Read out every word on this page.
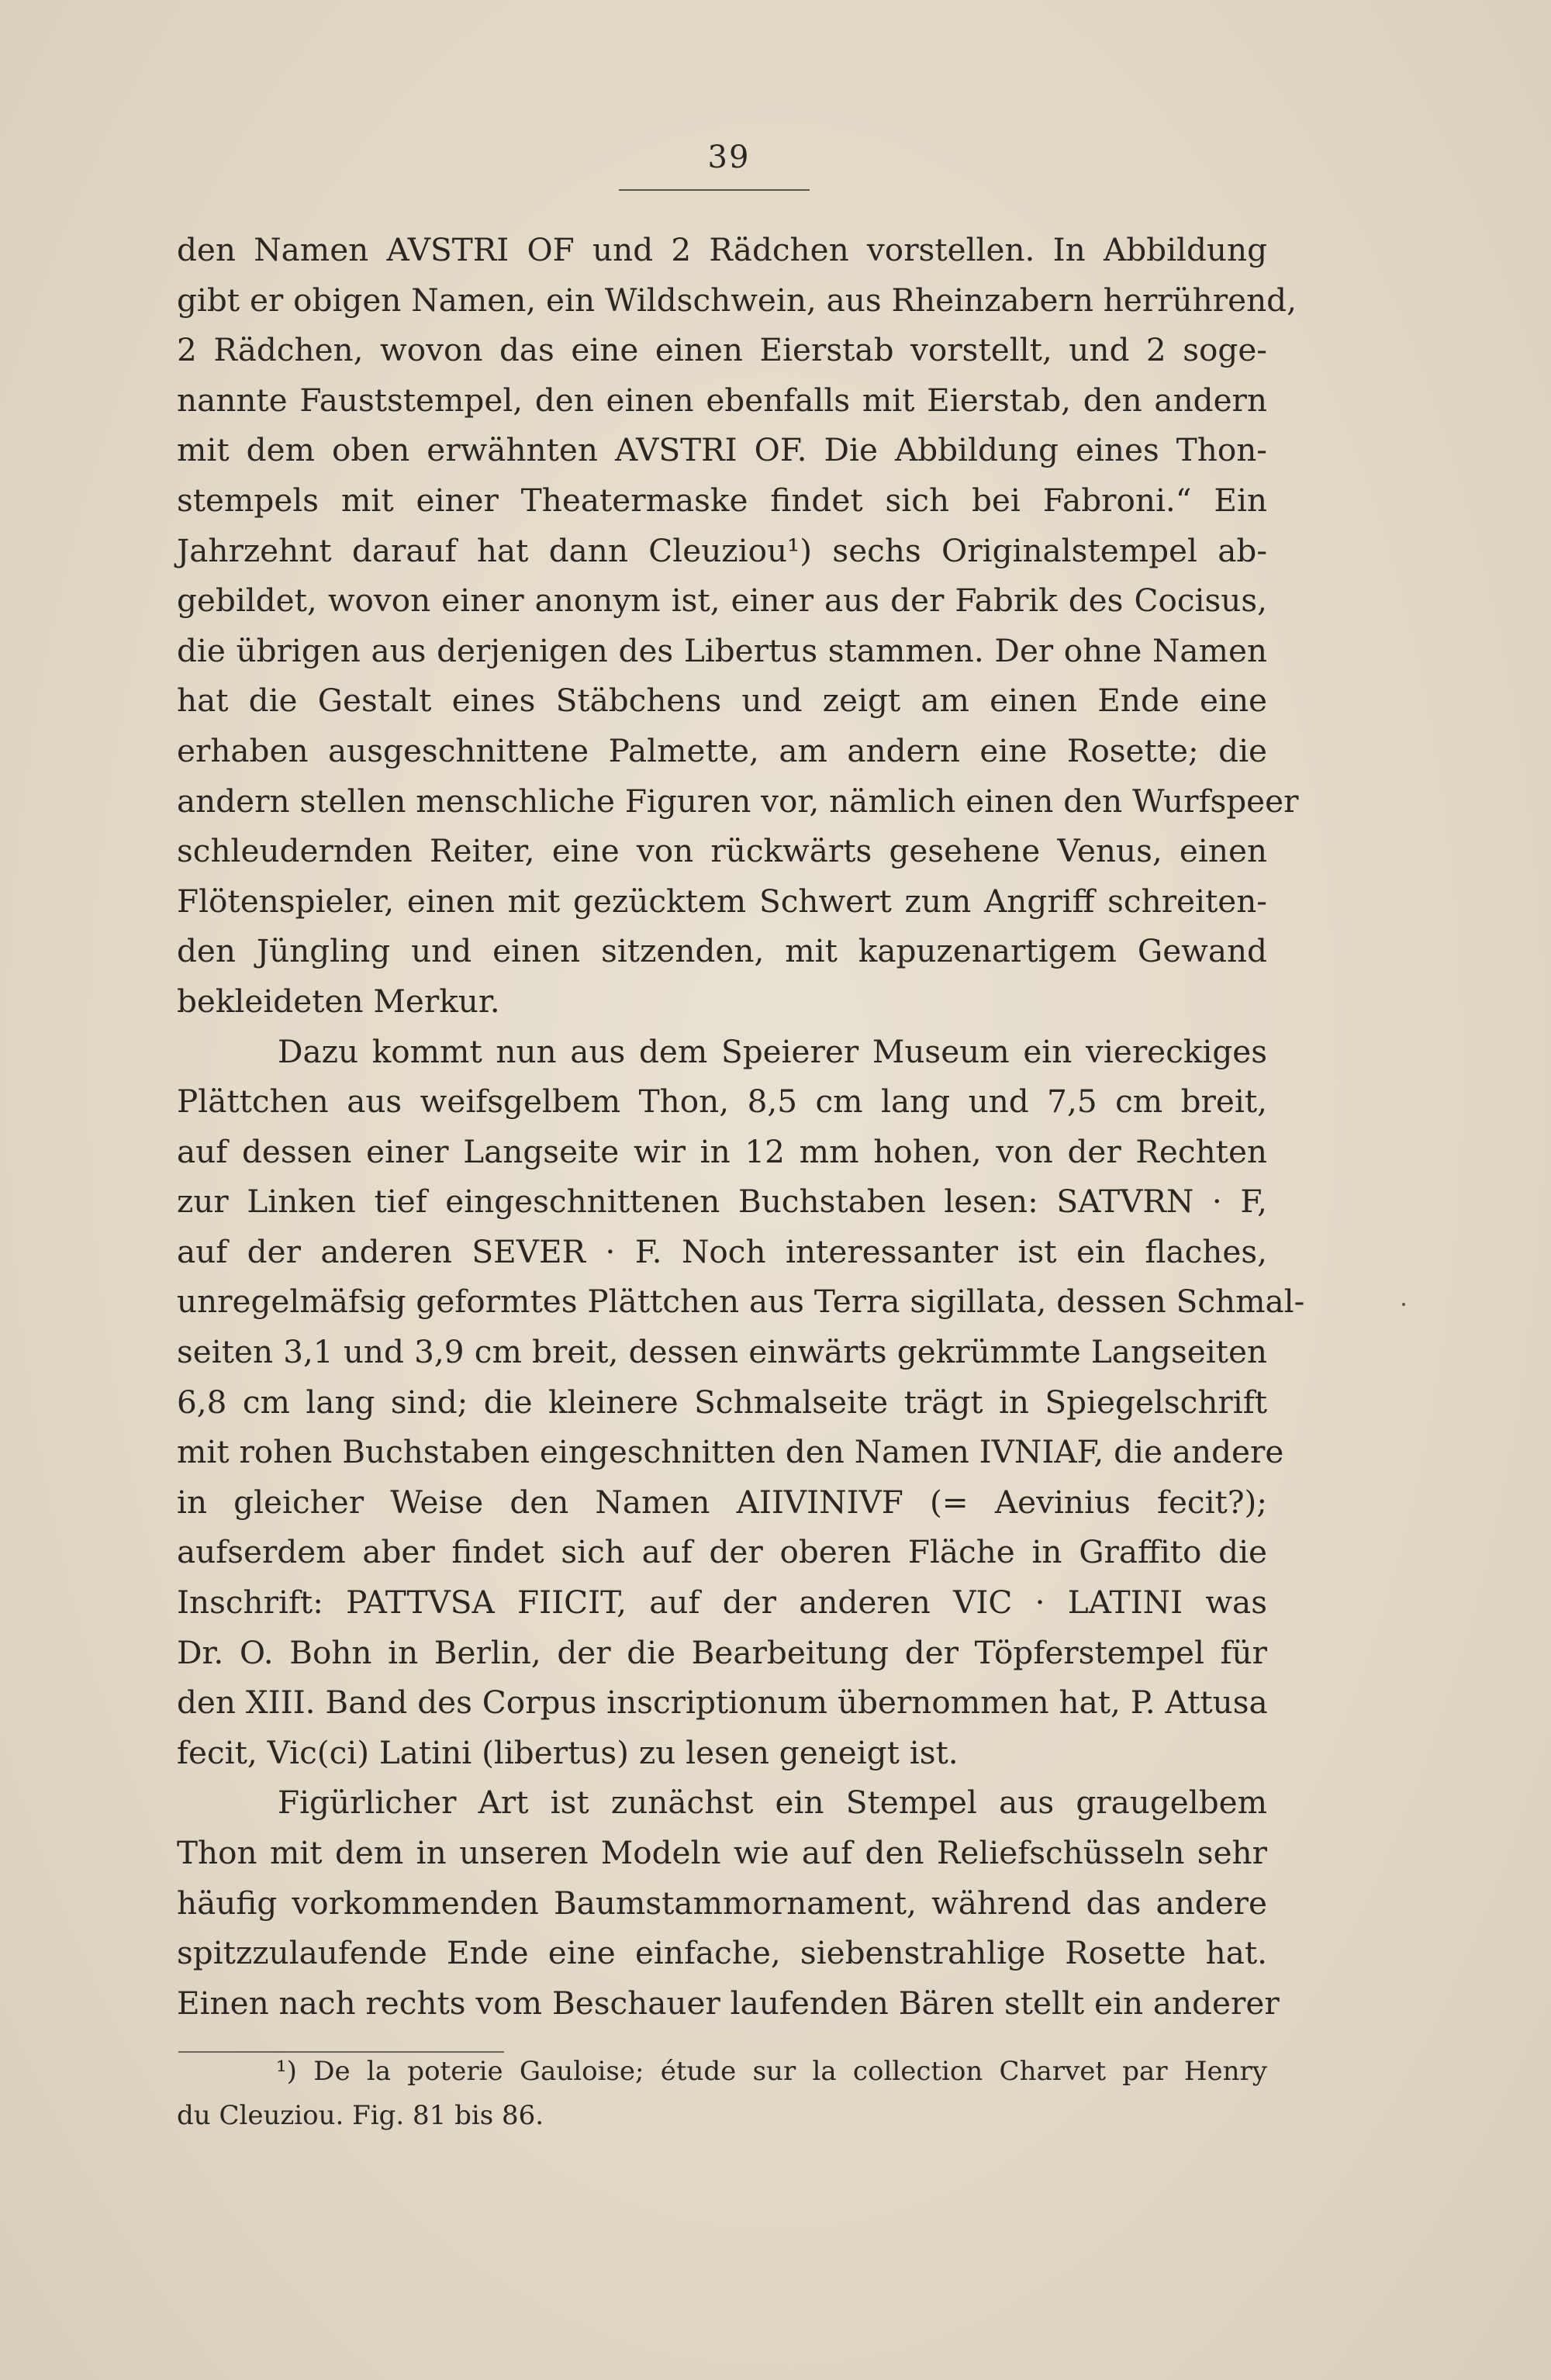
39
den Namen AVSTRI OF und 2 Rädchen vorstellen. In Abbildung
gibt er obigen Namen, ein Wildschwein, aus Rheinzabern herrührend,
2 Rädchen, wovon das eine einen Eierstab vorstellt, und 2 soge-
nannte Fauststempel, den einen ebenfalls mit Eierstab, den andern
mit dem oben erwähnten AVSTRI OF. Die Abbildung eines Thon-
stempels mit einer Theatermaske findet sich bei Fabroni.“ Ein
Jahrzehnt darauf hat dann Cleuziou¹) sechs Originalstempel ab-
gebildet, wovon einer anonym ist, einer aus der Fabrik des Cocisus,
die übrigen aus derjenigen des Libertus stammen. Der ohne Namen
hat die Gestalt eines Stäbchens und zeigt am einen Ende eine
erhaben ausgeschnittene Palmette, am andern eine Rosette; die
andern stellen menschliche Figuren vor, nämlich einen den Wurfspeer
schleudernden Reiter, eine von rückwärts gesehene Venus, einen
Flötenspieler, einen mit gezücktem Schwert zum Angriff schreiten-
den Jüngling und einen sitzenden, mit kapuzenartigem Gewand
bekleideten Merkur.
Dazu kommt nun aus dem Speierer Museum ein viereckiges
Plättchen aus weifsgelbem Thon, 8,5 cm lang und 7,5 cm breit,
auf dessen einer Langseite wir in 12 mm hohen, von der Rechten
zur Linken tief eingeschnittenen Buchstaben lesen: SATVRN · F,
auf der anderen SEVER · F. Noch interessanter ist ein flaches,
unregelmäfsig geformtes Plättchen aus Terra sigillata, dessen Schmal-
seiten 3,1 und 3,9 cm breit, dessen einwärts gekrümmte Langseiten
6,8 cm lang sind; die kleinere Schmalseite trägt in Spiegelschrift
mit rohen Buchstaben eingeschnitten den Namen IVNIAF, die andere
in gleicher Weise den Namen AIIVINIVF (= Aevinius fecit?);
aufserdem aber findet sich auf der oberen Fläche in Graffito die
Inschrift: PATTVSA FIICIT, auf der anderen VIC · LATINI was
Dr. O. Bohn in Berlin, der die Bearbeitung der Töpferstempel für
den XIII. Band des Corpus inscriptionum übernommen hat, P. Attusa
fecit, Vic(ci) Latini (libertus) zu lesen geneigt ist.
Figürlicher Art ist zunächst ein Stempel aus graugelbem
Thon mit dem in unseren Modeln wie auf den Reliefschüsseln sehr
häufig vorkommenden Baumstammornament, während das andere
spitzzulaufende Ende eine einfache, siebenstrahlige Rosette hat.
Einen nach rechts vom Beschauer laufenden Bären stellt ein anderer
¹) De la poterie Gauloise; étude sur la collection Charvet par Henry
du Cleuziou. Fig. 81 bis 86.
